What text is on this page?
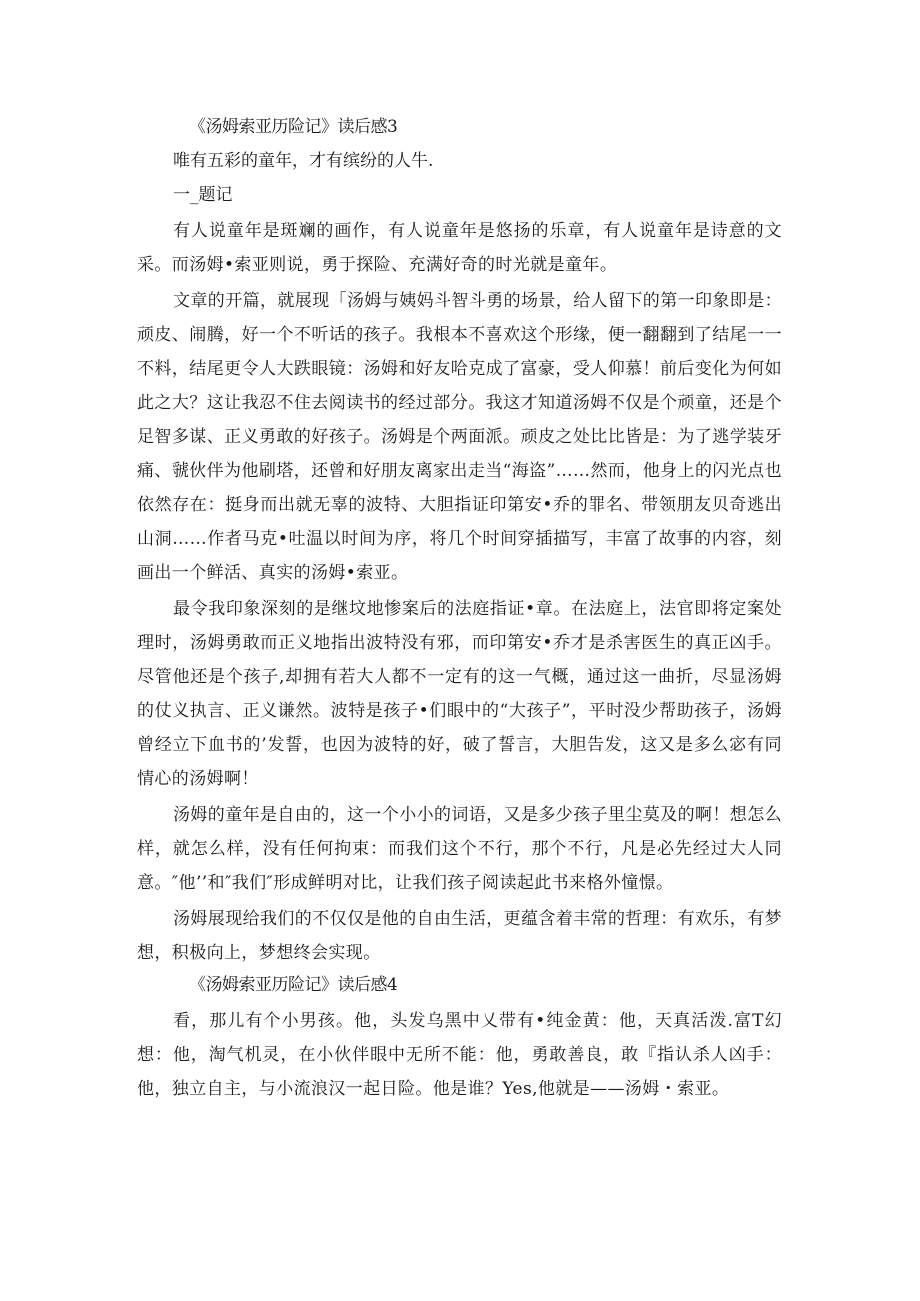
《汤姆索亚历险记》读后感3
唯有五彩的童年，才有缤纷的人牛.
一_题记

有人说童年是斑斓的画作，有人说童年是悠扬的乐章，有人说童年是诗意的文采。而汤姆•索亚则说，勇于探险、充满好奇的时光就是童年。

文章的开篇，就展现「汤姆与姨妈斗智斗勇的场景，给人留下的第一印象即是：顽皮、闹腾，好一个不听话的孩子。我根本不喜欢这个形缘，便一翻翻到了结尾一一不料，结尾更令人大跌眼镜：汤姆和好友哈克成了富豪，受人仰慕！前后变化为何如此之大？这让我忍不住去阅读书的经过部分。我这才知道汤姆不仅是个顽童，还是个足智多谋、正义勇敢的好孩子。汤姆是个两面派。顽皮之处比比皆是：为了逃学装牙痛、虢伙伴为他刷塔，还曾和好朋友离家出走当“海盗”……然而，他身上的闪光点也依然存在：挺身而出就无辜的波特、大胆指证印第安•乔的罪名、带领朋友贝奇逃出山洞……作者马克•吐温以时间为序，将几个时间穿插描写，丰富了故事的内容，刻画出一个鲜活、真实的汤姆•索亚。

最令我印象深刻的是继坟地惨案后的法庭指证•章。在法庭上，法官即将定案处理时，汤姆勇敢而正义地指出波特没有邪，而印第安•乔才是杀害医生的真正凶手。尽管他还是个孩子,却拥有若大人都不一定有的这一气概，通过这一曲折，尽显汤姆的仗义执言、正义谦然。波特是孩子•们眼中的“大孩子”，平时没少帮助孩子，汤姆曾经立下血书的’发誓，也因为波特的好，破了誓言，大胆告发，这又是多么宓有同情心的汤姆啊！

汤姆的童年是自由的，这一个小小的词语，又是多少孩子里尘莫及的啊！想怎么样，就怎么样，没有任何拘束：而我们这个不行，那个不行，凡是必先经过大人同意。″他’’和″我们″形成鲜明对比，让我们孩子阅读起此书来格外憧憬。

汤姆展现给我们的不仅仅是他的自由生活，更蕴含着丰常的哲理：有欢乐，有梦想，积极向上，梦想终会实现。

《汤姆索亚历险记》读后感4

看，那儿有个小男孩。他，头发乌黑中乂带有•纯金黄：他，天真活泼.富T幻想：他，淘气机灵，在小伙伴眼中无所不能：他，勇敢善良，敢『指认杀人凶手：他，独立自主，与小流浪汉一起日险。他是谁？Yes,他就是——汤姆・索亚。
